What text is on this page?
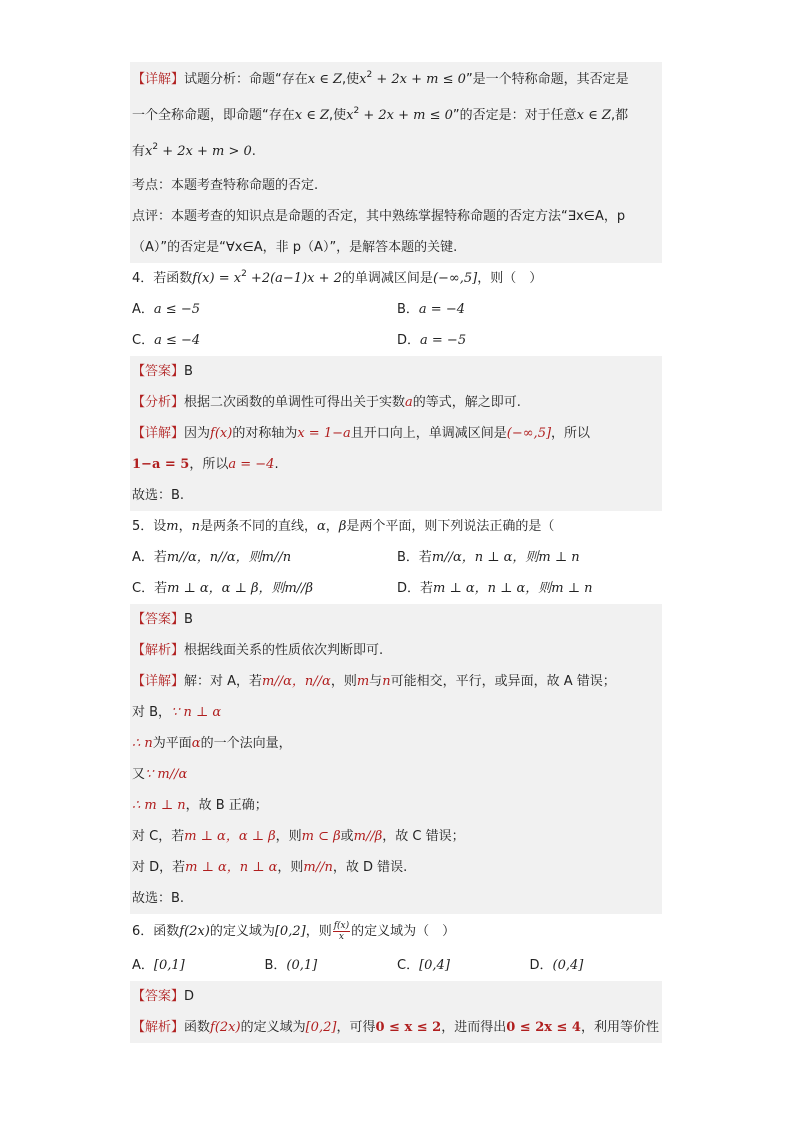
【详解】试题分析：命题“存在x ∈ Z,使$x^2 + 2x + m \le 0$”是一个特称命题，其否定是
一个全称命题，即命题“存在x ∈ Z,使$x^2 + 2x + m \le 0$”的否定是：对于任意x ∈ Z,都
有$x^2 + 2x + m > 0$.
考点：本题考查特称命题的否定.
点评：本题考查的知识点是命题的否定，其中熟练掌握特称命题的否定方法“∃x∈A，p
（A）”的否定是“∀x∈A，非 p（A）”，是解答本题的关键.
4．若函数$f(x) = x^2 +2(a-1)x + 2$的单调减区间是(−∞,5]，则（　）
A．a ≤ −5	B．a = −4
C．a ≤ −4	D．a = −5
【答案】B
【分析】根据二次函数的单调性可得出关于实数a的等式，解之即可.
【详解】因为f(x)的对称轴为x = 1−a且开口向上，单调减区间是(−∞,5]，所以
1−a = 5，所以a = −4.
故选：B.
5．设m，n是两条不同的直线，α，β是两个平面，则下列说法正确的是（
A．若m//α，n//α，则m//n	B．若m//α，n ⊥ α，则m ⊥ n
C．若m ⊥ α，α ⊥ β，则m//β	D．若m ⊥ α，n ⊥ α，则m ⊥ n
【答案】B
【解析】根据线面关系的性质依次判断即可.
【详解】解：对 A，若m//α，n//α，则m与n可能相交，平行，或异面，故 A 错误；
对 B，∵ n ⊥ α
∴ n为平面α的一个法向量，
又∵ m//α
∴ m ⊥ n，故 B 正确；
对 C，若m ⊥ α，α ⊥ β，则m ⊂ β或m//β，故 C 错误；
对 D，若m ⊥ α，n ⊥ α，则m//n，故 D 错误.
故选：B.
6．函数f(2x)的定义域为[0,2]，则 $\frac{f(x)}{x}$ 的定义域为（　）
A．[0,1]	B．(0,1]	C．[0,4]	D．(0,4]
【答案】D
【解析】函数f(2x)的定义域为[0,2]，可得0 ≤ x ≤ 2，进而得出0 ≤ 2x ≤ 4，利用等价性
